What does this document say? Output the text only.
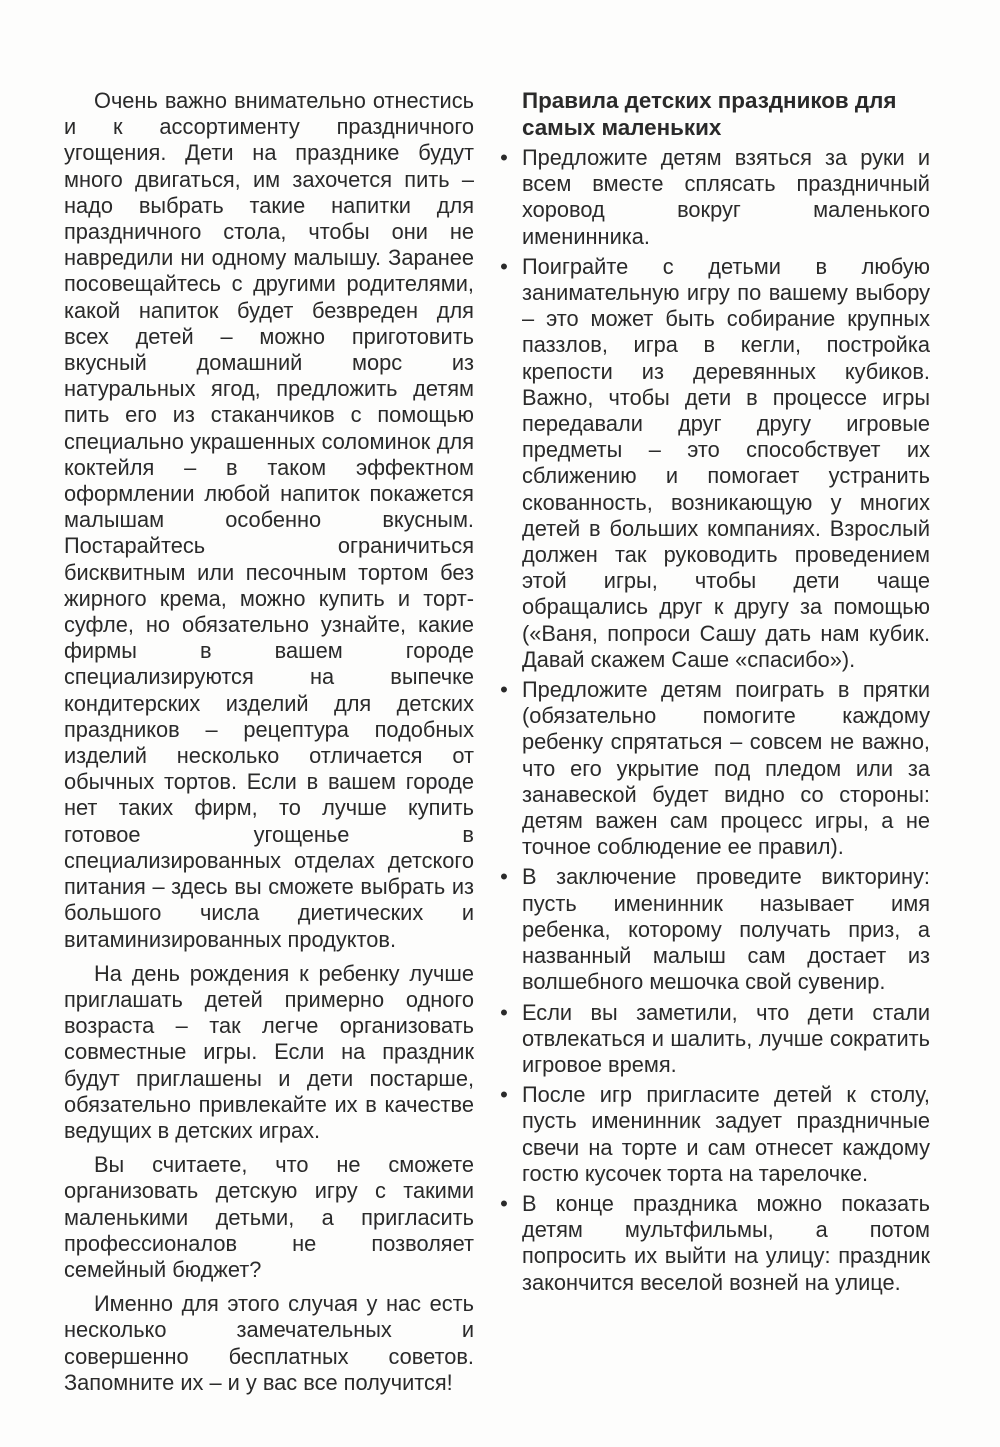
Очень важно внимательно отнестись и к ассортименту праздничного угощения. Дети на празднике будут много двигаться, им захочется пить – надо выбрать такие напитки для праздничного стола, чтобы они не навредили ни одному малышу. Заранее посовещайтесь с другими родителями, какой напиток будет безвреден для всех детей – можно приготовить вкусный домашний морс из натуральных ягод, предложить детям пить его из стаканчиков с помощью специально украшенных соломинок для коктейля – в таком эффектном оформлении любой напиток покажется малышам особенно вкусным. Постарайтесь ограничиться бисквитным или песочным тортом без жирного крема, можно купить и торт-суфле, но обязательно узнайте, какие фирмы в вашем городе специализируются на выпечке кондитерских изделий для детских праздников – рецептура подобных изделий несколько отличается от обычных тортов. Если в вашем городе нет таких фирм, то лучше купить готовое угощенье в специализированных отделах детского питания – здесь вы сможете выбрать из большого числа диетических и витаминизированных продуктов.

На день рождения к ребенку лучше приглашать детей примерно одного возраста – так легче организовать совместные игры. Если на праздник будут приглашены и дети постарше, обязательно привлекайте их в качестве ведущих в детских играх.

Вы считаете, что не сможете организовать детскую игру с такими маленькими детьми, а пригласить профессионалов не позволяет семейный бюджет?

Именно для этого случая у нас есть несколько замечательных и совершенно бесплатных советов. Запомните их – и у вас все получится!

Правила детских праздников для самых маленьких
• Предложите детям взяться за руки и всем вместе сплясать праздничный хоровод вокруг маленького именинника.
• Поиграйте с детьми в любую занимательную игру по вашему выбору – это может быть собирание крупных паззлов, игра в кегли, постройка крепости из деревянных кубиков. Важно, чтобы дети в процессе игры передавали друг другу игровые предметы – это способствует их сближению и помогает устранить скованность, возникающую у многих детей в больших компаниях. Взрослый должен так руководить проведением этой игры, чтобы дети чаще обращались друг к другу за помощью («Ваня, попроси Сашу дать нам кубик. Давай скажем Саше «спасибо»).
• Предложите детям поиграть в прятки (обязательно помогите каждому ребенку спрятаться – совсем не важно, что его укрытие под пледом или за занавеской будет видно со стороны: детям важен сам процесс игры, а не точное соблюдение ее правил).
• В заключение проведите викторину: пусть именинник называет имя ребенка, которому получать приз, а названный малыш сам достает из волшебного мешочка свой сувенир.
• Если вы заметили, что дети стали отвлекаться и шалить, лучше сократить игровое время.
• После игр пригласите детей к столу, пусть именинник задует праздничные свечи на торте и сам отнесет каждому гостю кусочек торта на тарелочке.
• В конце праздника можно показать детям мультфильмы, а потом попросить их выйти на улицу: праздник закончится веселой возней на улице.
